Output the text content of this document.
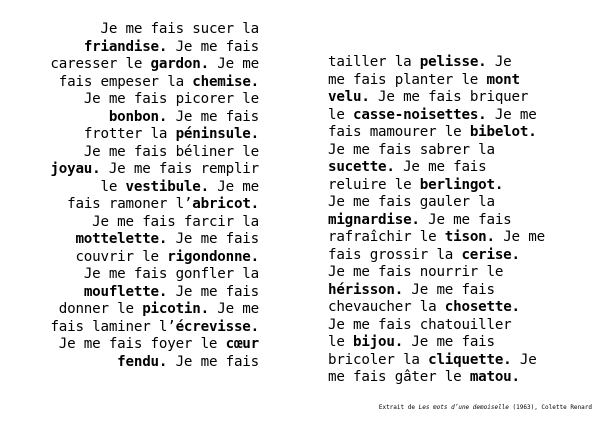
Je me fais sucer la
friandise. Je me fais
caresser le gardon. Je me
fais empeser la chemise.
Je me fais picorer le
bonbon. Je me fais
frotter la péninsule.
Je me fais béliner le
joyau. Je me fais remplir
le vestibule. Je me
fais ramoner l’abricot.
Je me fais farcir la
mottelette. Je me fais
couvrir le rigondonne.
Je me fais gonfler la
mouflette. Je me fais
donner le picotin. Je me
fais laminer l’écrevisse.
Je me fais foyer le cœur
fendu. Je me fais
tailler la pelisse. Je
me fais planter le mont
velu. Je me fais briquer
le casse-noisettes. Je me
fais mamourer le bibelot.
Je me fais sabrer la
sucette. Je me fais
reluire le berlingot.
Je me fais gauler la
mignardise. Je me fais
rafraîchir le tison. Je me
fais grossir la cerise.
Je me fais nourrir le
hérisson. Je me fais
chevaucher la chosette.
Je me fais chatouiller
le bijou. Je me fais
bricoler la cliquette. Je
me fais gâter le matou.
Extrait de Les mots d’une demoiselle (1963), Colette Renard
